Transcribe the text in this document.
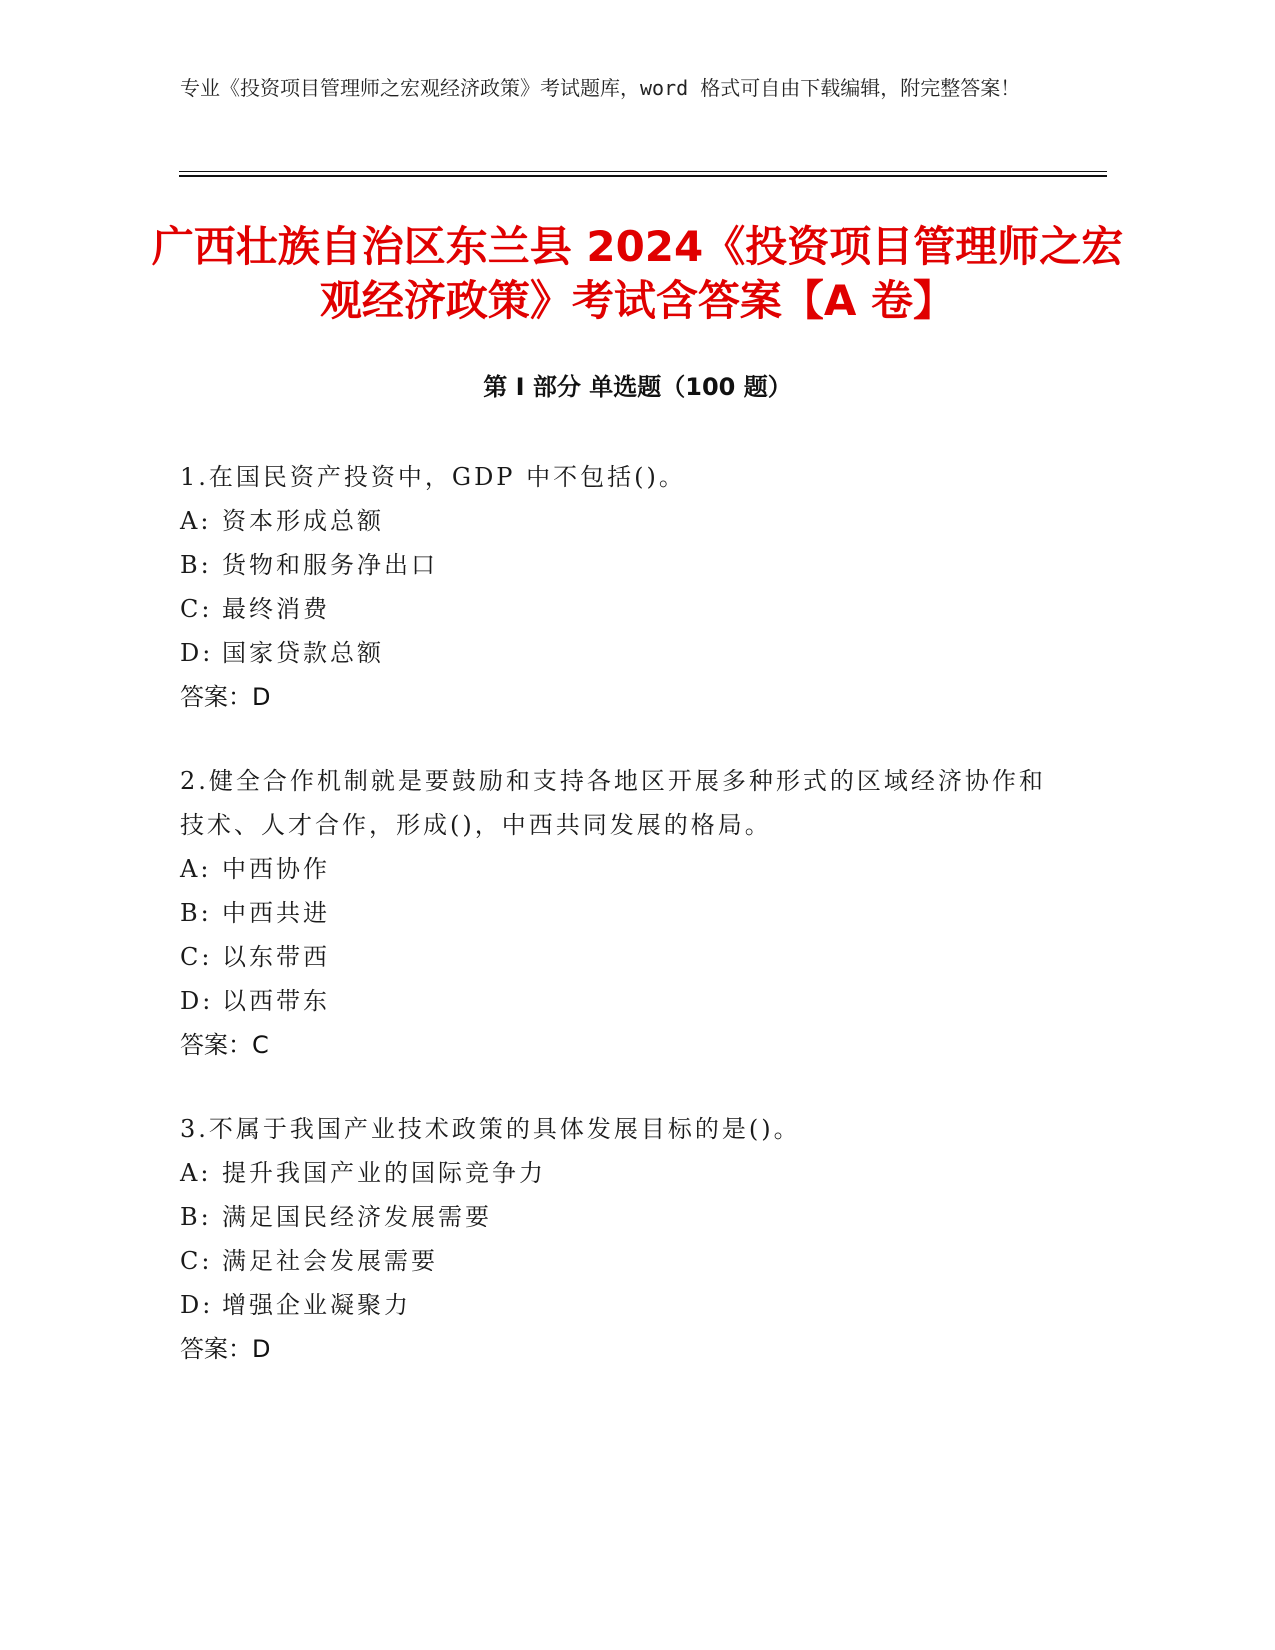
专业《投资项目管理师之宏观经济政策》考试题库，word 格式可自由下载编辑，附完整答案！
广西壮族自治区东兰县 2024《投资项目管理师之宏观经济政策》考试含答案【A 卷】
第 I 部分 单选题（100 题）
1.在国民资产投资中，GDP 中不包括()。
A: 资本形成总额
B: 货物和服务净出口
C: 最终消费
D: 国家贷款总额
答案：D
2.健全合作机制就是要鼓励和支持各地区开展多种形式的区域经济协作和技术、人才合作，形成()，中西共同发展的格局。
A: 中西协作
B: 中西共进
C: 以东带西
D: 以西带东
答案：C
3.不属于我国产业技术政策的具体发展目标的是()。
A: 提升我国产业的国际竞争力
B: 满足国民经济发展需要
C: 满足社会发展需要
D: 增强企业凝聚力
答案：D
